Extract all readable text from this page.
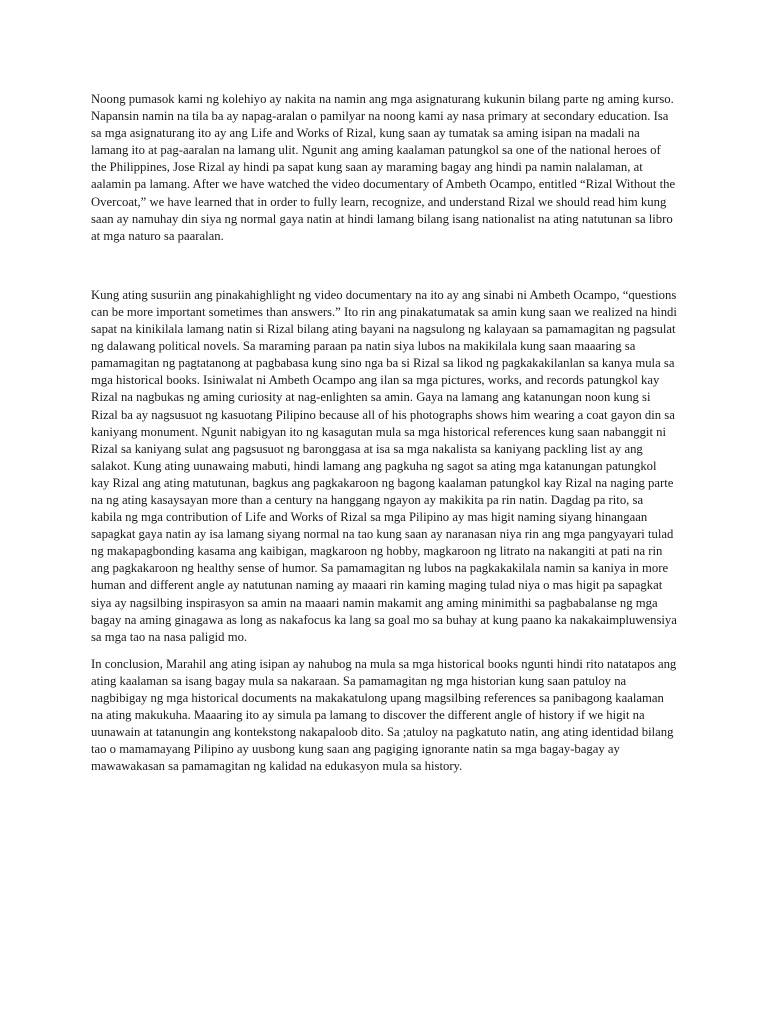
Noong pumasok kami ng kolehiyo ay nakita na namin ang mga asignaturang kukunin bilang parte ng aming kurso. Napansin namin na tila ba ay napag-aralan o pamilyar na noong kami ay nasa primary at secondary education. Isa sa mga asignaturang ito ay ang Life and Works of Rizal, kung saan ay tumatak sa aming isipan na madali na lamang ito at pag-aaralan na lamang ulit. Ngunit ang aming kaalaman patungkol sa one of the national heroes of the Philippines, Jose Rizal ay hindi pa sapat kung saan ay maraming bagay ang hindi pa namin nalalaman, at aalamin pa lamang. After we have watched the video documentary of Ambeth Ocampo, entitled “Rizal Without the Overcoat,” we have learned that in order to fully learn, recognize, and understand Rizal we should read him kung saan ay namuhay din siya ng normal gaya natin at hindi lamang bilang isang nationalist na ating natutunan sa libro at mga naturo sa paaralan.

Kung ating susuriin ang pinakahighlight ng video documentary na ito ay ang sinabi ni Ambeth Ocampo, “questions can be more important sometimes than answers.” Ito rin ang pinakatumatak sa amin kung saan we realized na hindi sapat na kinikilala lamang natin si Rizal bilang ating bayani na nagsulong ng kalayaan sa pamamagitan ng pagsulat ng dalawang political novels. Sa maraming paraan pa natin siya lubos na makikilala kung saan maaaring sa pamamagitan ng pagtatanong at pagbabasa kung sino nga ba si Rizal sa likod ng pagkakakilanlan sa kanya mula sa mga historical books. Isiniwalat ni Ambeth Ocampo ang ilan sa mga pictures, works, and records patungkol kay Rizal na nagbukas ng aming curiosity at nag-enlighten sa amin. Gaya na lamang ang katanungan noon kung si Rizal ba ay nagsusuot ng kasuotang Pilipino because all of his photographs shows him wearing a coat gayon din sa kaniyang monument. Ngunit nabigyan ito ng kasagutan mula sa mga historical references kung saan nabanggit ni Rizal sa kaniyang sulat ang pagsusuot ng baronggasa at isa sa mga nakalista sa kaniyang packling list ay ang salakot. Kung ating uunawaing mabuti, hindi lamang ang pagkuha ng sagot sa ating mga katanungan patungkol kay Rizal ang ating matutunan, bagkus ang pagkakaroon ng bagong kaalaman patungkol kay Rizal na naging parte na ng ating kasaysayan more than a century na hanggang ngayon ay makikita pa rin natin. Dagdag pa rito, sa kabila ng mga contribution of Life and Works of Rizal sa mga Pilipino ay mas higit naming siyang hinangaan sapagkat gaya natin ay isa lamang siyang normal na tao kung saan ay naranasan niya rin ang mga pangyayari tulad ng makapagbonding kasama ang kaibigan, magkaroon ng hobby, magkaroon ng litrato na nakangiti at pati na rin ang pagkakaroon ng healthy sense of humor. Sa pamamagitan ng lubos na pagkakakilala namin sa kaniya in more human and different angle ay natutunan naming ay maaari rin kaming maging tulad niya o mas higit pa sapagkat siya ay nagsilbing inspirasyon sa amin na maaari namin makamit ang aming minimithi sa pagbabalanse ng mga bagay na aming ginagawa as long as nakafocus ka lang sa goal mo sa buhay at kung paano ka nakakaimpluwensiya sa mga tao na nasa paligid mo.

In conclusion, Marahil ang ating isipan ay nahubog na mula sa mga historical books ngunti hindi rito natatapos ang ating kaalaman sa isang bagay mula sa nakaraan. Sa pamamagitan ng mga historian kung saan patuloy na nagbibigay ng mga historical documents na makakatulong upang magsilbing references sa panibagong kaalaman na ating makukuha. Maaaring ito ay simula pa lamang to discover the different angle of history if we higit na uunawain at tatanungin ang kontekstong nakapaloob dito. Sa ;atuloy na pagkatuto natin, ang ating identidad bilang tao o mamamayang Pilipino ay uusbong kung saan ang pagiging ignorante natin sa mga bagay-bagay ay mawawakasan sa pamamagitan ng kalidad na edukasyon mula sa history.
